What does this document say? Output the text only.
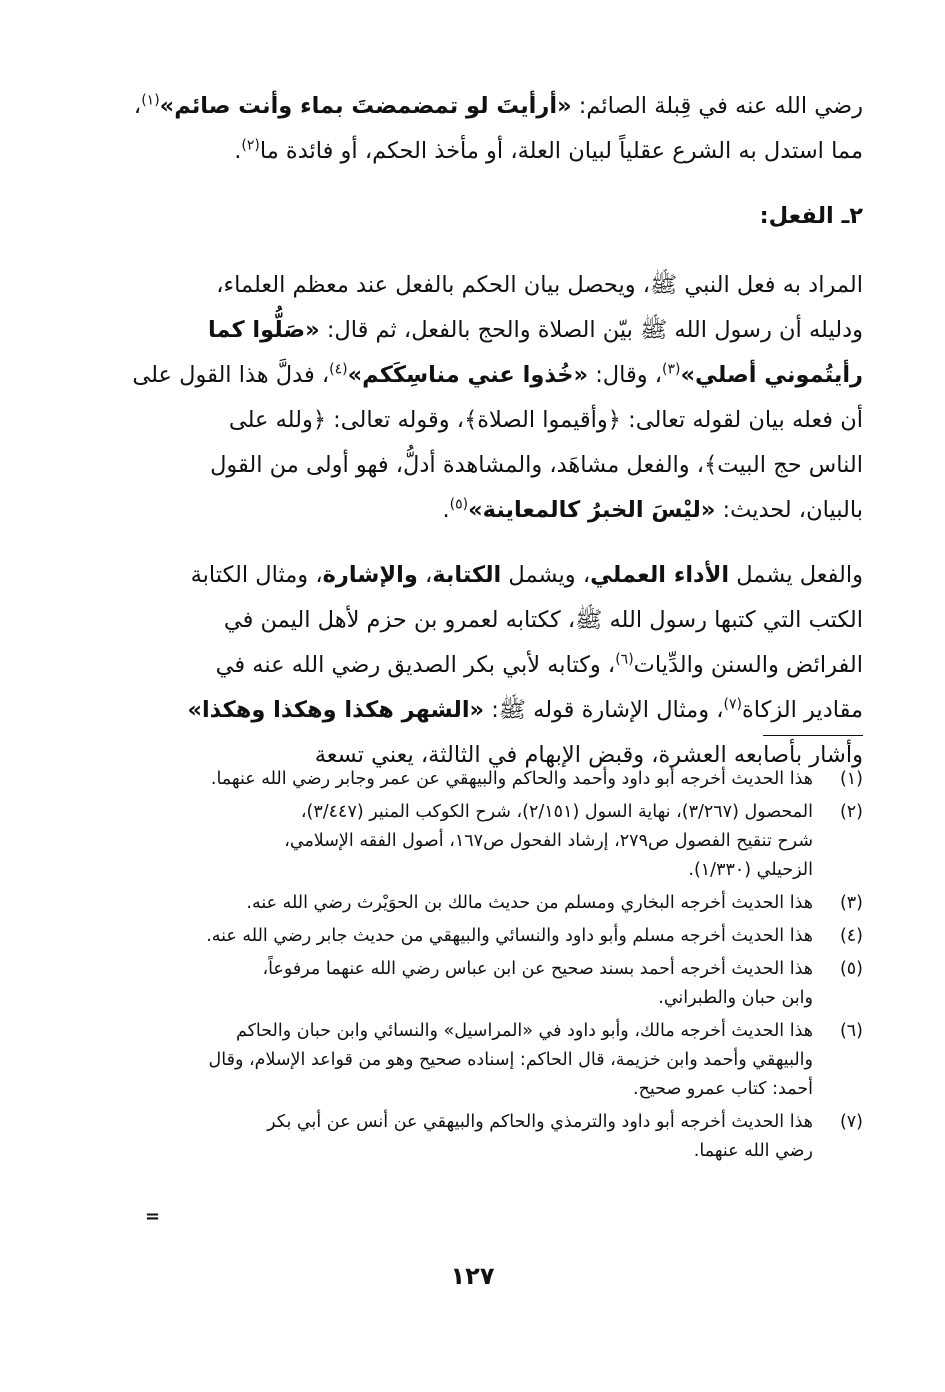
رضي الله عنه في قِبلة الصائم: «أرأيتَ لو تمضمضتَ بماء وأنت صائم»$^{(١)}$،
مما استدل به الشرع عقلياً لبيان العلة، أو مأخذ الحكم، أو فائدة ما$^{(٢)}$.

٢ـ الفعل:

المراد به فعل النبي ﷺ، ويحصل بيان الحكم بالفعل عند معظم العلماء،
ودليله أن رسول الله ﷺ بيّن الصلاة والحج بالفعل، ثم قال: «صَلُّوا كما
رأيتُموني أصلي»$^{(٣)}$، وقال: «خُذوا عني مناسِكَكم»$^{(٤)}$، فدلَّ هذا القول على
أن فعله بيان لقوله تعالى: ﴿وأقيموا الصلاة﴾، وقوله تعالى: ﴿ولله على
الناس حج البيت﴾، والفعل مشاهَد، والمشاهدة أدلُّ، فهو أولى من القول
بالبيان، لحديث: «ليْسَ الخبرُ كالمعاينة»$^{(٥)}$.

والفعل يشمل الأداء العملي، ويشمل الكتابة، والإشارة، ومثال الكتابة
الكتب التي كتبها رسول الله ﷺ، ككتابه لعمرو بن حزم لأهل اليمن في
الفرائض والسنن والدِّيات$^{(٦)}$، وكتابه لأبي بكر الصديق رضي الله عنه في
مقادير الزكاة$^{(٧)}$، ومثال الإشارة قوله ﷺ: «الشهر هكذا وهكذا وهكذا»
وأشار بأصابعه العشرة، وقبض الإبهام في الثالثة، يعني تسعة

(١)
هذا الحديث أخرجه أبو داود وأحمد والحاكم والبيهقي عن عمر وجابر رضي الله عنهما.
(٢)
المحصول (٣/٢٦٧)، نهاية السول (٢/١٥١)، شرح الكوكب المنير (٣/٤٤٧)،
شرح تنقيح الفصول ص٢٧٩، إرشاد الفحول ص١٦٧، أصول الفقه الإسلامي،
الزحيلي (١/٣٣٠).
(٣)
هذا الحديث أخرجه البخاري ومسلم من حديث مالك بن الحوَيْرث رضي الله عنه.
(٤)
هذا الحديث أخرجه مسلم وأبو داود والنسائي والبيهقي من حديث جابر رضي الله عنه.
(٥)
هذا الحديث أخرجه أحمد بسند صحيح عن ابن عباس رضي الله عنهما مرفوعاً،
وابن حبان والطبراني.
(٦)
هذا الحديث أخرجه مالك، وأبو داود في «المراسيل» والنسائي وابن حبان والحاكم
والبيهقي وأحمد وابن خزيمة، قال الحاكم: إسناده صحيح وهو من قواعد الإسلام، وقال
أحمد: كتاب عمرو صحيح.
(٧)
هذا الحديث أخرجه أبو داود والترمذي والحاكم والبيهقي عن أنس عن أبي بكر
رضي الله عنهما.
=
١٢٧
